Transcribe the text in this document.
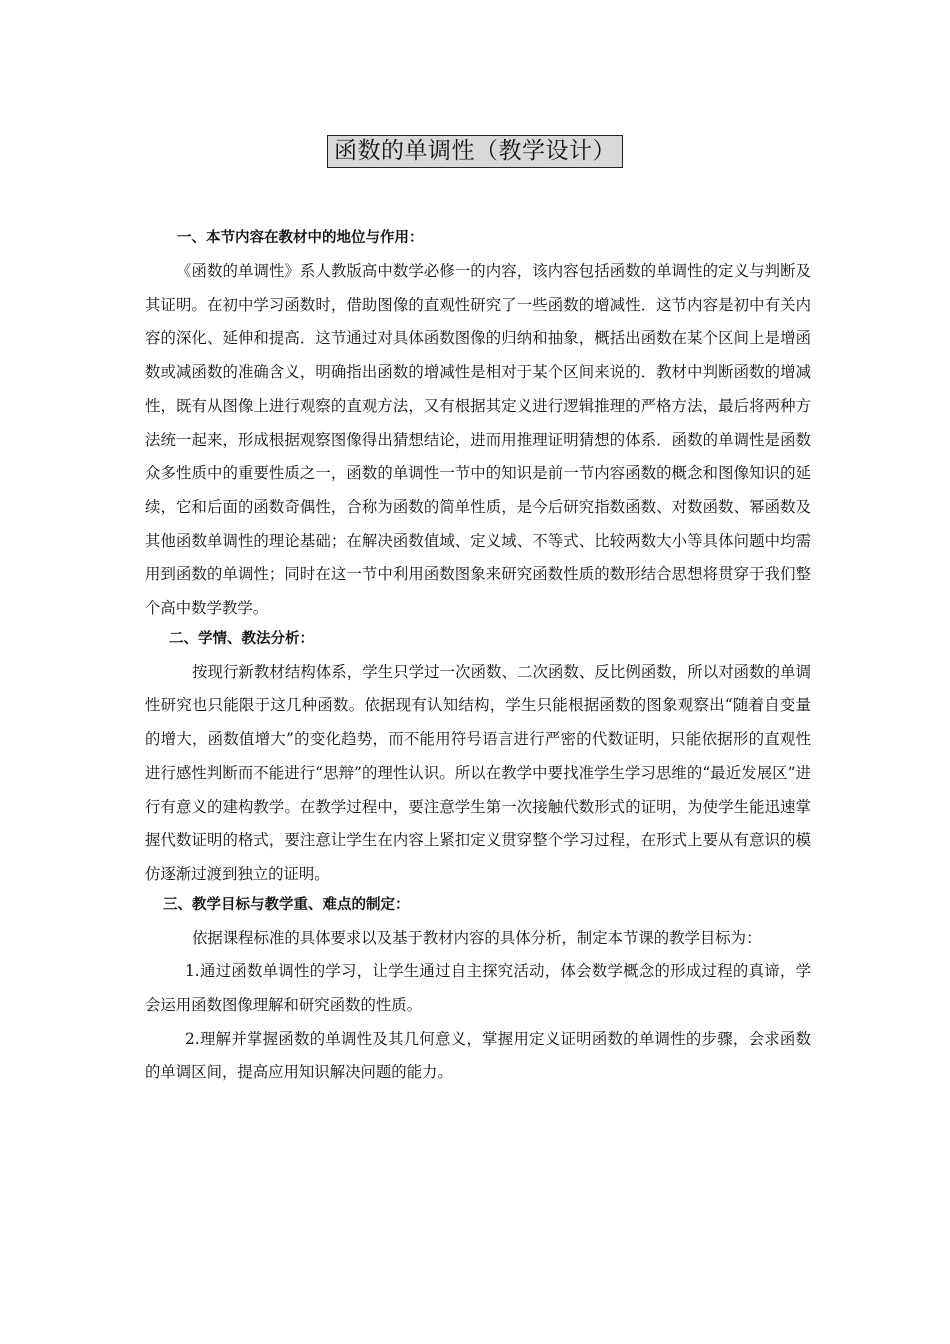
函数的单调性（教学设计）
一、本节内容在教材中的地位与作用：

《函数的单调性》系人教版高中数学必修一的内容，该内容包括函数的单调性的定义与判断及其证明。在初中学习函数时，借助图像的直观性研究了一些函数的增减性．这节内容是初中有关内容的深化、延伸和提高．这节通过对具体函数图像的归纳和抽象，概括出函数在某个区间上是增函数或减函数的准确含义，明确指出函数的增减性是相对于某个区间来说的．教材中判断函数的增减性，既有从图像上进行观察的直观方法，又有根据其定义进行逻辑推理的严格方法，最后将两种方法统一起来，形成根据观察图像得出猜想结论，进而用推理证明猜想的体系．函数的单调性是函数众多性质中的重要性质之一，函数的单调性一节中的知识是前一节内容函数的概念和图像知识的延续，它和后面的函数奇偶性，合称为函数的简单性质，是今后研究指数函数、对数函数、幂函数及其他函数单调性的理论基础；在解决函数值域、定义域、不等式、比较两数大小等具体问题中均需用到函数的单调性；同时在这一节中利用函数图象来研究函数性质的数形结合思想将贯穿于我们整个高中数学教学。

二、学情、教法分析：

按现行新教材结构体系，学生只学过一次函数、二次函数、反比例函数，所以对函数的单调性研究也只能限于这几种函数。依据现有认知结构，学生只能根据函数的图象观察出“随着自变量的增大，函数值增大”的变化趋势，而不能用符号语言进行严密的代数证明，只能依据形的直观性进行感性判断而不能进行“思辩”的理性认识。所以在教学中要找准学生学习思维的“最近发展区”进行有意义的建构教学。在教学过程中，要注意学生第一次接触代数形式的证明，为使学生能迅速掌握代数证明的格式，要注意让学生在内容上紧扣定义贯穿整个学习过程，在形式上要从有意识的模仿逐渐过渡到独立的证明。

三、教学目标与教学重、难点的制定：

依据课程标准的具体要求以及基于教材内容的具体分析，制定本节课的教学目标为：

1.通过函数单调性的学习，让学生通过自主探究活动，体会数学概念的形成过程的真谛，学会运用函数图像理解和研究函数的性质。

2.理解并掌握函数的单调性及其几何意义，掌握用定义证明函数的单调性的步骤，会求函数的单调区间，提高应用知识解决问题的能力。
